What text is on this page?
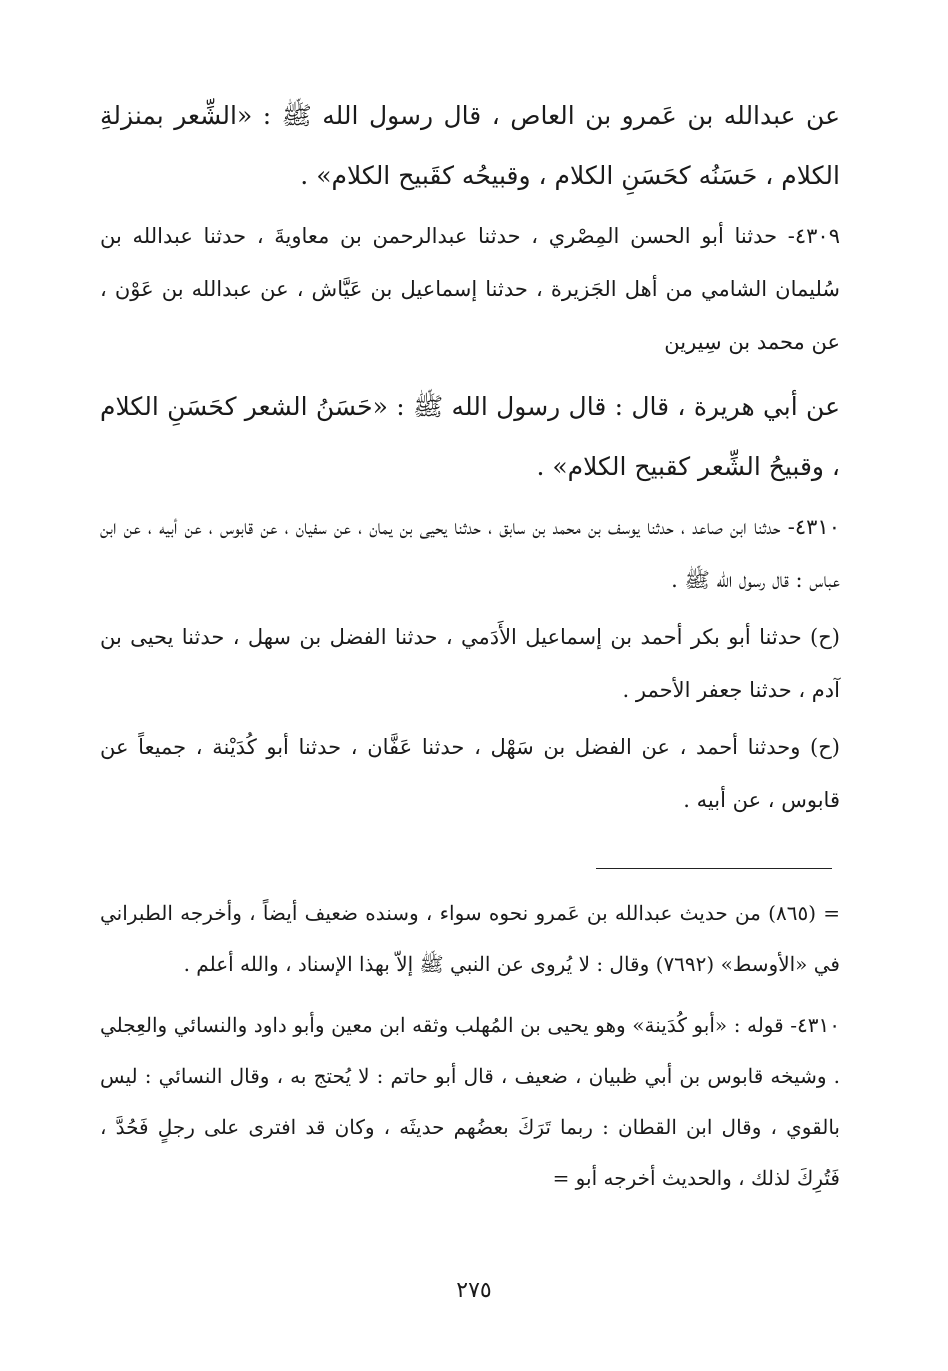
عن عبدالله بن عَمرو بن العاص ، قال رسول الله ﷺ : «الشِّعر بمنزلةِ الكلام ، حَسَنُه كحَسَنِ الكلام ، وقبيحُه كقَبيح الكلام» .

٤٣٠٩- حدثنا أبو الحسن المِصْري ، حدثنا عبدالرحمن بن معاويةَ ، حدثنا عبدالله بن سُليمان الشامي من أهل الجَزيرة ، حدثنا إسماعيل بن عَيَّاش ، عن عبدالله بن عَوْن ، عن محمد بن سِيرين

عن أبي هريرة ، قال : قال رسول الله ﷺ : «حَسَنُ الشعر كحَسَنِ الكلام ، وقبيحُ الشِّعر كقبيح الكلام» .

٤٣١٠- حدثنا ابن صاعد ، حدثنا يوسف بن محمد بن سابق ، حدثنا يحيى بن يمان ، عن سفيان ، عن قابوس ، عن أبيه ، عن ابن عباس : قال رسول الله ﷺ .

(ح) حدثنا أبو بكر أحمد بن إسماعيل الأَدَمي ، حدثنا الفضل بن سهل ، حدثنا يحيى بن آدم ، حدثنا جعفر الأحمر .

(ح) وحدثنا أحمد ، عن الفضل بن سَهْل ، حدثنا عَفَّان ، حدثنا أبو كُدَيْنة ، جميعاً عن قابوس ، عن أبيه .

= (٨٦٥) من حديث عبدالله بن عَمرو نحوه سواء ، وسنده ضعيف أيضاً ، وأخرجه الطبراني في «الأوسط» (٧٦٩٢) وقال : لا يُروى عن النبي ﷺ إلاّ بهذا الإسناد ، والله أعلم .

٤٣١٠- قوله : «أبو كُدَينة» وهو يحيى بن المُهلب وثقه ابن معين وأبو داود والنسائي والعِجلي . وشيخه قابوس بن أبي ظبيان ، ضعيف ، قال أبو حاتم : لا يُحتج به ، وقال النسائي : ليس بالقوي ، وقال ابن القطان : ربما تَرَكَ بعضُهم حديثَه ، وكان قد افترى على رجلٍ فَحُدَّ ، فَتُرِكَ لذلك ، والحديث أخرجه أبو =

٢٧٥
